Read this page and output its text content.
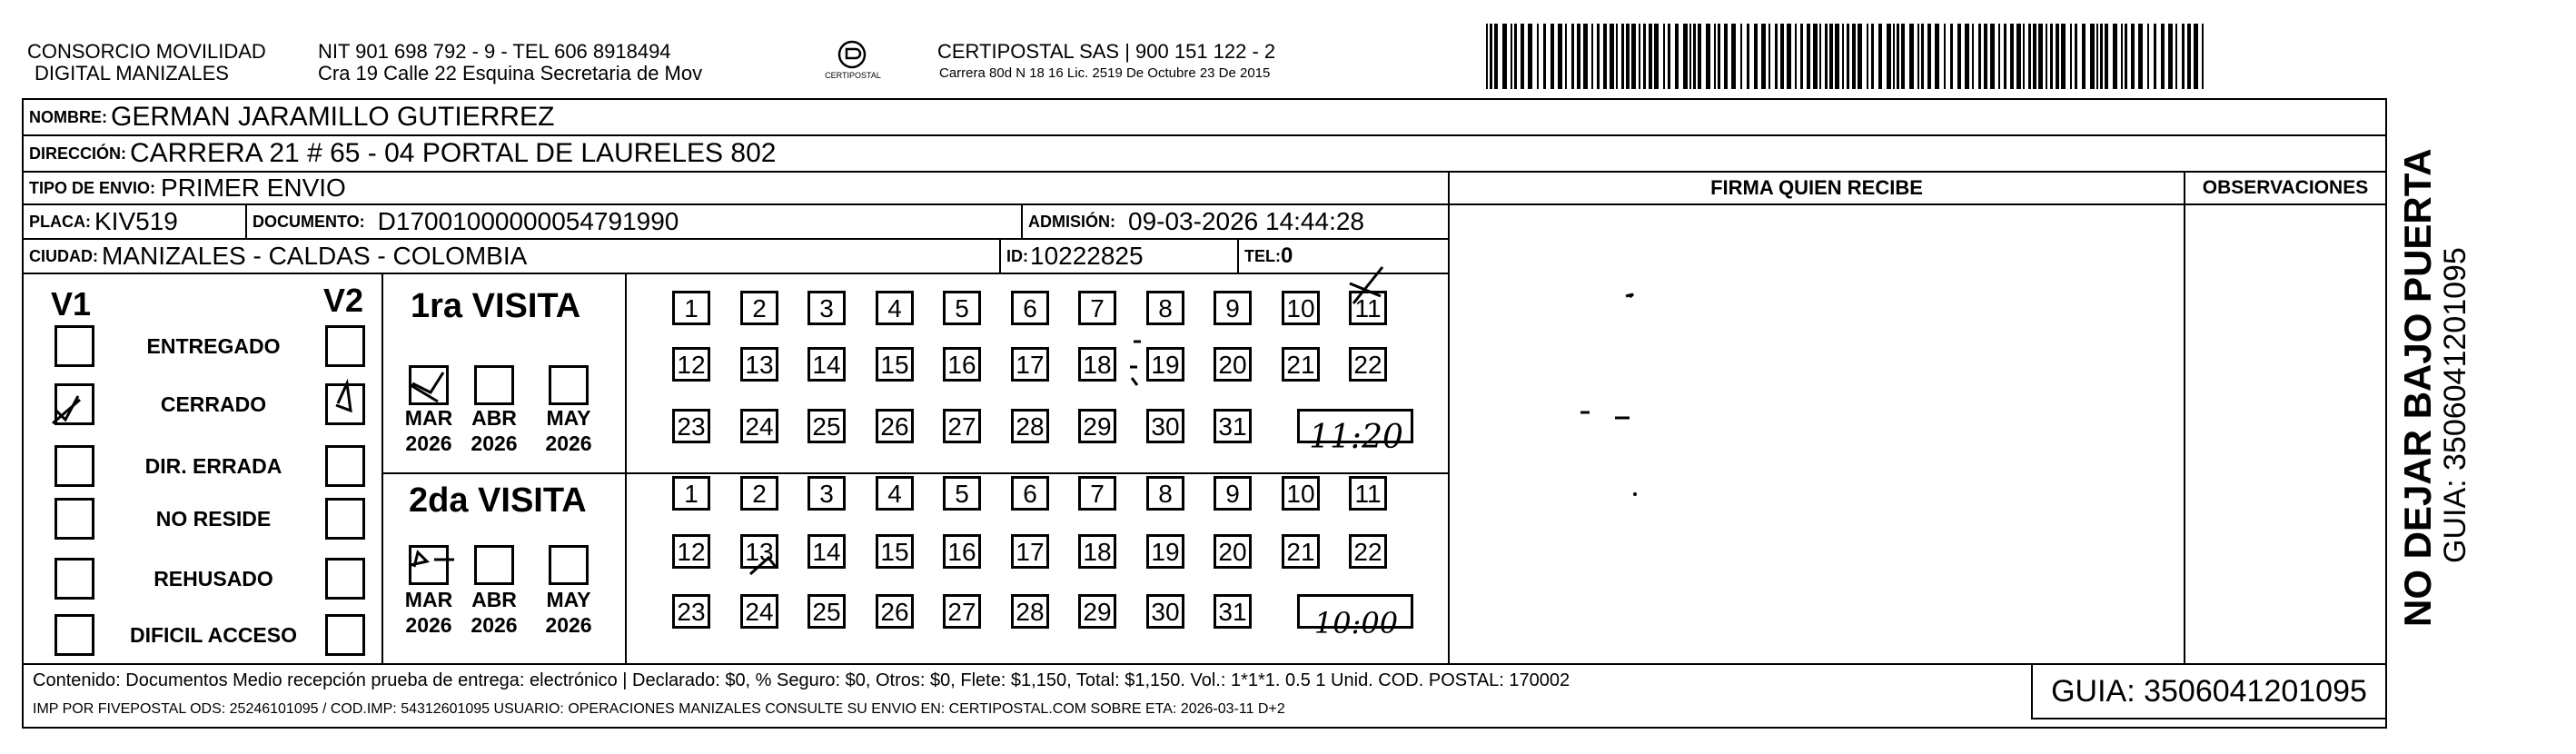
CONSORCIO MOVILIDAD
DIGITAL MANIZALES
NIT 901 698 792 - 9 - TEL 606 8918494
Cra 19 Calle 22 Esquina Secretaria de Mov	CERTIPOSTAL
CERTIPOSTAL SAS | 900 151 122 - 2
Carrera 80d N 18 16 Lic. 2519 De Octubre 23 De 2015
NOMBRE: GERMAN JARAMILLO GUTIERREZ
DIRECCIÓN: CARRERA 21 # 65 - 04 PORTAL DE LAURELES 802
FIRMA QUIEN RECIBE	OBSERVACIONES
TIPO DE ENVIO: PRIMER ENVIO
PLACA: KIV519	DOCUMENTO: D17001000000054791990	ADMISIÓN: 09-03-2026 14:44:28
CIUDAD: MANIZALES - CALDAS - COLOMBIA	ID: 10222825	TEL: 0
V1	V2
ENTREGADO
CERRADO
DIR. ERRADA
NO RESIDE
REHUSADO
DIFICIL ACCESO
1ra VISITA
2da VISITA
MAR
2026
ABR
2026
MAY
2026
MAR
2026
ABR
2026
MAY
2026
1	2	3	4	5	6	7	8	9	10 11
12 13 14 15 16 17 18 19 20 21 22
23 24 25 26 27 28 29 30 31
1	2	3	4	5	6	7	8	9	10 11
12 13 14 15 16 17 18 19 20 21 22
23 24 25 26 27 28 29 30 31
11:20
10:00
Contenido: Documentos Medio recepción prueba de entrega: electrónico | Declarado: $0, % Seguro: $0, Otros: $0, Flete: $1,150, Total: $1,150. Vol.: 1*1*1. 0.5 1 Unid. COD. POSTAL: 170002
IMP POR FIVEPOSTAL ODS: 25246101095 / COD.IMP: 54312601095 USUARIO: OPERACIONES MANIZALES CONSULTE SU ENVIO EN: CERTIPOSTAL.COM SOBRE ETA: 2026-03-11 D+2
GUIA: 3506041201095
NO DEJAR BAJO PUERTA GUIA: 3506041201095
